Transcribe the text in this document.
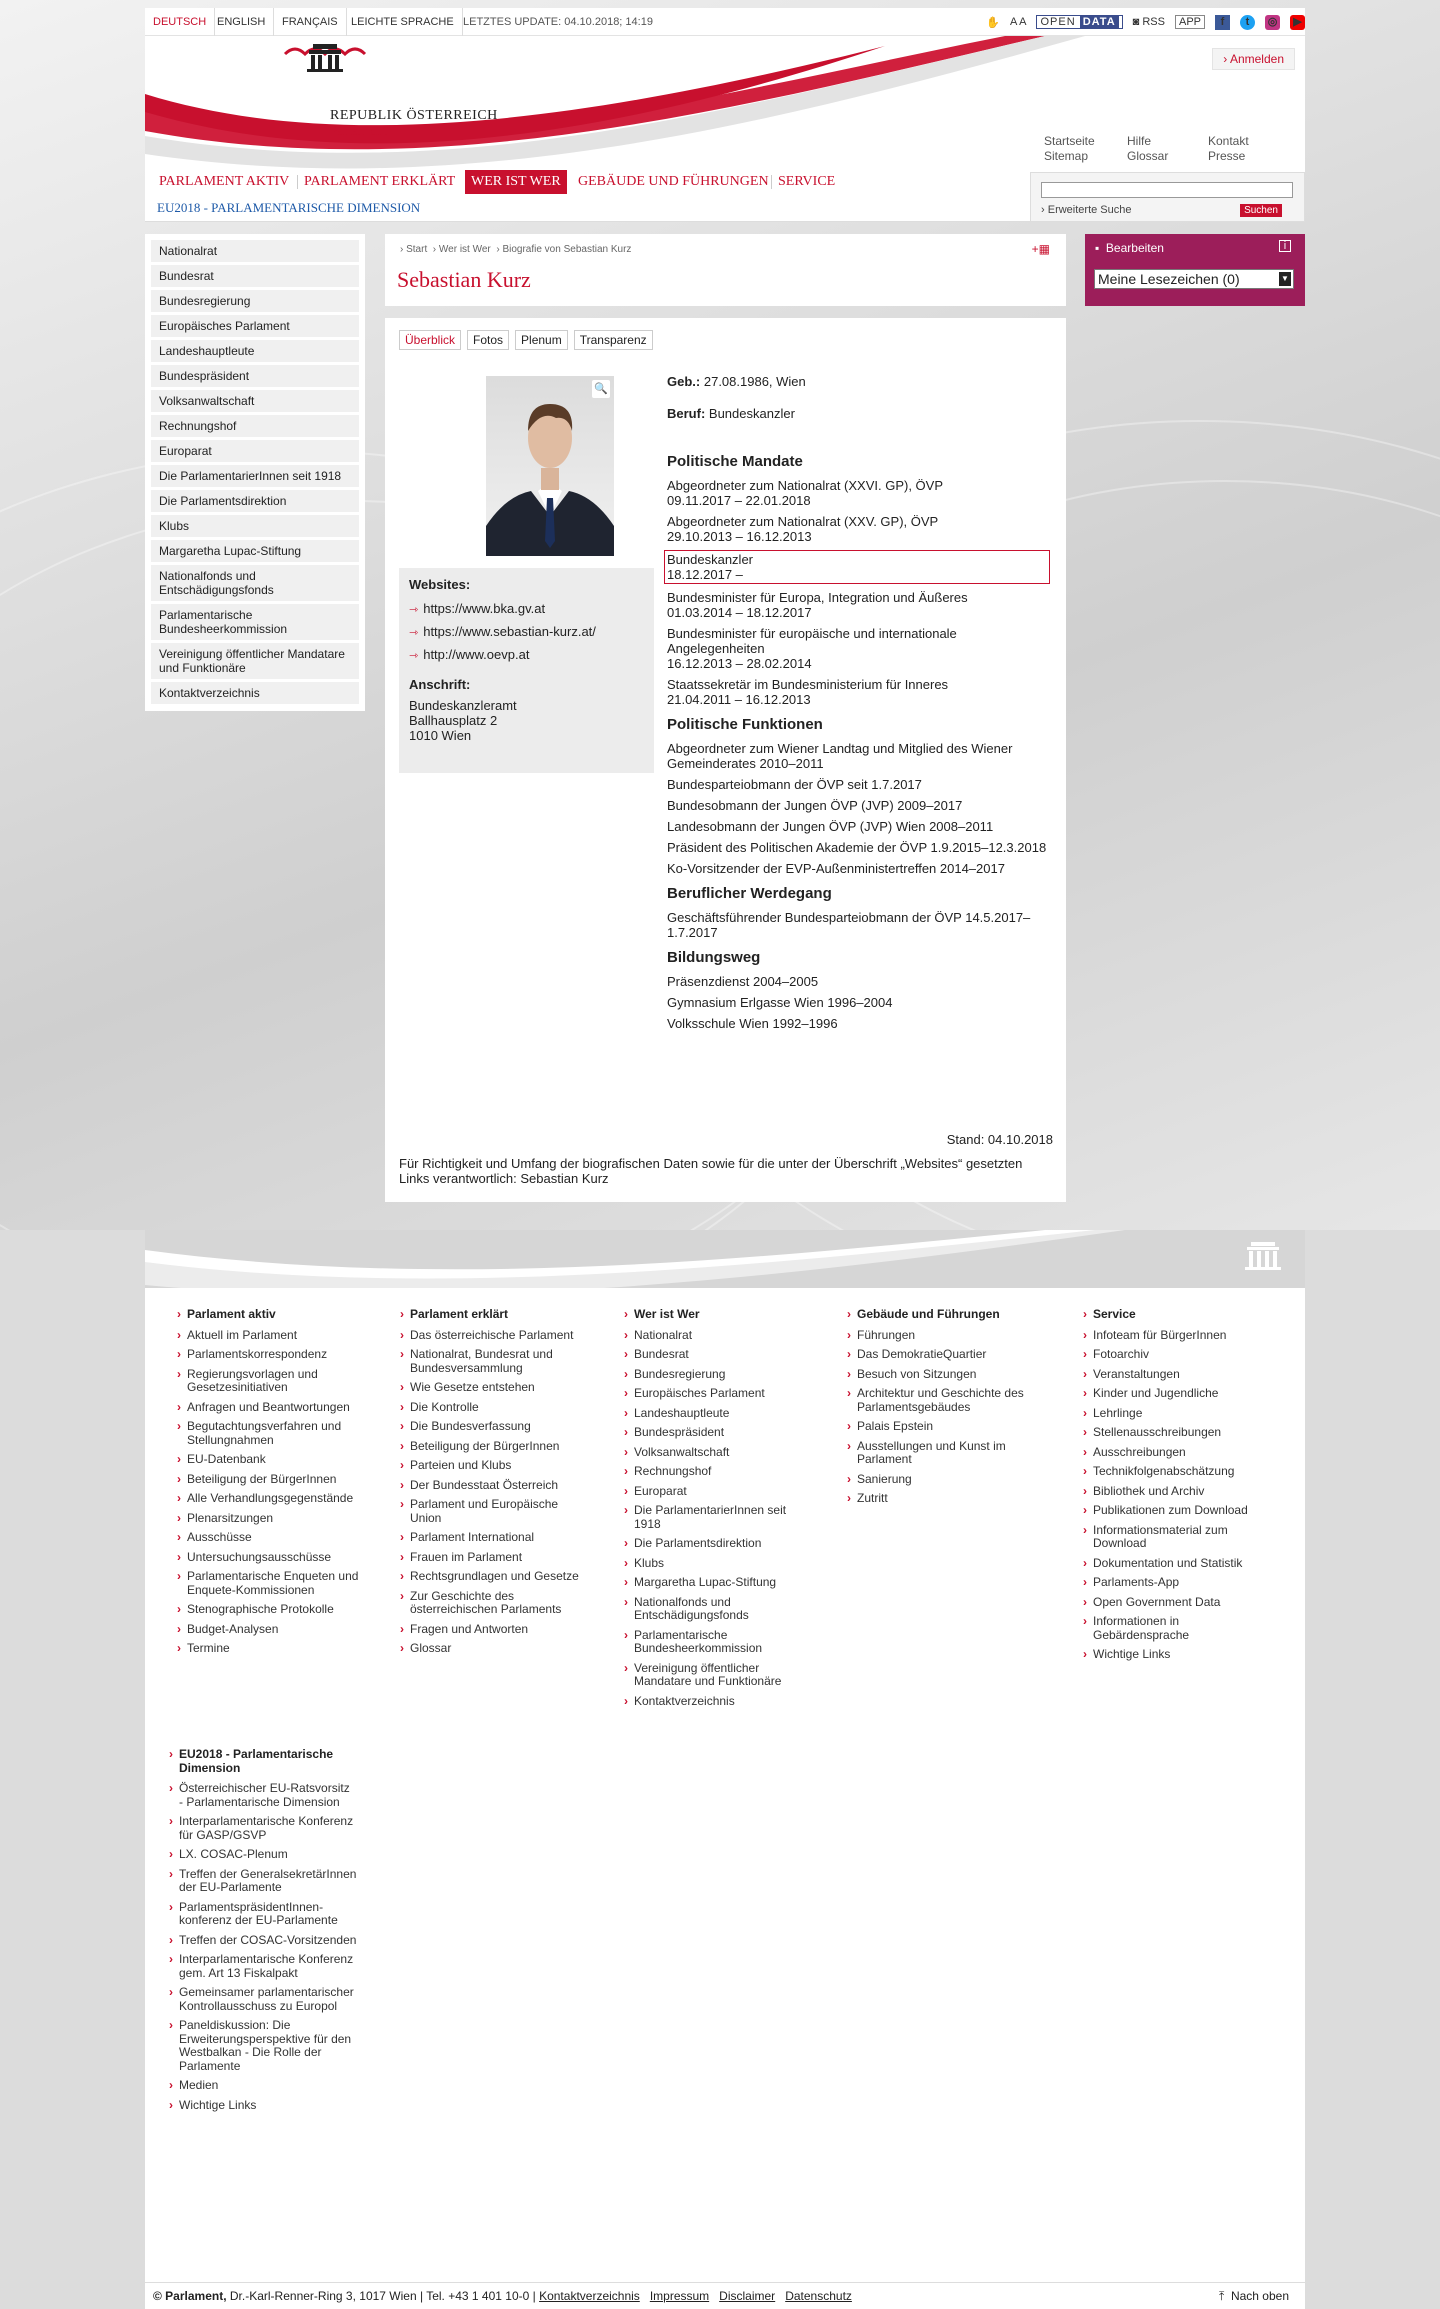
DEUTSCH ENGLISH	FRANÇAIS	LEICHTE SPRACHE LETZTES UPDATE: 04.10.2018; 14:19	✋ A A	OPEN DATA	◙ RSS	APP	f	t	◎ ▶
REPUBLIK ÖSTERREICH
Parlament
› Anmelden
Startseite
Sitemap
Hilfe
Glossar
Kontakt
Presse
PARLAMENT AKTIV	PARLAMENT ERKLÄRT	WER IST WER	GEBÄUDE UND FÜHRUNGEN SERVICE
EU2018 - PARLAMENTARISCHE DIMENSION	› Erweiterte Suche	Suchen
Nationalrat
Bundesrat
Bundesregierung
Europäisches Parlament
Landeshauptleute
Bundespräsident
Volksanwaltschaft
Rechnungshof
Europarat
Die ParlamentarierInnen seit 1918
Die Parlamentsdirektion
Klubs
Margaretha Lupac-Stiftung
Nationalfonds und Entschädigungsfonds
Parlamentarische Bundesheerkommission
Vereinigung öffentlicher Mandatare und Funktionäre
Kontaktverzeichnis
› Start  › Wer ist Wer  › Biografie von Sebastian Kurz
Sebastian Kurz
+▦	▪  Bearbeiten	i
Meine Lesezeichen (0)	▼
Überblick	Fotos	Plenum	Transparenz
🔍
Websites:
⇾ https://www.bka.gv.at
⇾ https://www.sebastian-kurz.at/
⇾ http://www.oevp.at
Anschrift:
Bundeskanzleramt
Ballhausplatz 2
1010 Wien
Geb.: 27.08.1986, Wien
Beruf: Bundeskanzler
Politische Mandate
Abgeordneter zum Nationalrat (XXVI. GP), ÖVP
09.11.2017 – 22.01.2018
Abgeordneter zum Nationalrat (XXV. GP), ÖVP
29.10.2013 – 16.12.2013
Bundeskanzler
18.12.2017 –
Bundesminister für Europa, Integration und Äußeres
01.03.2014 – 18.12.2017
Bundesminister für europäische und internationale Angelegenheiten
16.12.2013 – 28.02.2014
Staatssekretär im Bundesministerium für Inneres
21.04.2011 – 16.12.2013
Politische Funktionen
Abgeordneter zum Wiener Landtag und Mitglied des Wiener Gemeinderates 2010–2011
Bundesparteiobmann der ÖVP seit 1.7.2017
Bundesobmann der Jungen ÖVP (JVP) 2009–2017
Landesobmann der Jungen ÖVP (JVP) Wien 2008–2011
Präsident des Politischen Akademie der ÖVP 1.9.2015–12.3.2018
Ko-Vorsitzender der EVP-Außenministertreffen 2014–2017
Beruflicher Werdegang
Geschäftsführender Bundesparteiobmann der ÖVP 14.5.2017–1.7.2017
Bildungsweg
Präsenzdienst 2004–2005
Gymnasium Erlgasse Wien 1996–2004
Volksschule Wien 1992–1996
Stand: 04.10.2018
Für Richtigkeit und Umfang der biografischen Daten sowie für die unter der Überschrift „Websites“ gesetzten Links verantwortlich: Sebastian Kurz
› Parlament aktiv
› Aktuell im Parlament
› Parlamentskorrespondenz
› Regierungsvorlagen und Gesetzesinitiativen
› Anfragen und Beantwortungen
› Begutachtungsverfahren und Stellungnahmen
› EU-Datenbank
› Beteiligung der BürgerInnen
› Alle Verhandlungsgegenstände
› Plenarsitzungen
› Ausschüsse
› Untersuchungsausschüsse
› Parlamentarische Enqueten und Enquete-Kommissionen
› Stenographische Protokolle
› Budget-Analysen
› Termine
› Parlament erklärt
› Das österreichische Parlament
› Nationalrat, Bundesrat und Bundesversammlung
› Wie Gesetze entstehen
› Die Kontrolle
› Die Bundesverfassung
› Beteiligung der BürgerInnen
› Parteien und Klubs
› Der Bundesstaat Österreich
› Parlament und Europäische Union
› Parlament International
› Frauen im Parlament
› Rechtsgrundlagen und Gesetze
› Zur Geschichte des österreichischen Parlaments
› Fragen und Antworten
› Glossar
› Wer ist Wer
› Nationalrat
› Bundesrat
› Bundesregierung
› Europäisches Parlament
› Landeshauptleute
› Bundespräsident
› Volksanwaltschaft
› Rechnungshof
› Europarat
› Die ParlamentarierInnen seit 1918
› Die Parlamentsdirektion
› Klubs
› Margaretha Lupac-Stiftung
› Nationalfonds und Entschädigungsfonds
› Parlamentarische Bundesheerkommission
› Vereinigung öffentlicher Mandatare und Funktionäre
› Kontaktverzeichnis
› Gebäude und Führungen
› Führungen
› Das DemokratieQuartier
› Besuch von Sitzungen
› Architektur und Geschichte des Parlamentsgebäudes
› Palais Epstein
› Ausstellungen und Kunst im Parlament
› Sanierung
› Zutritt
› Service
› Infoteam für BürgerInnen
› Fotoarchiv
› Veranstaltungen
› Kinder und Jugendliche
› Lehrlinge
› Stellenausschreibungen
› Ausschreibungen
› Technikfolgenabschätzung
› Bibliothek und Archiv
› Publikationen zum Download
› Informationsmaterial zum Download
› Dokumentation und Statistik
› Parlaments-App
› Open Government Data
› Informationen in Gebärdensprache
› Wichtige Links
› EU2018 - Parlamentarische Dimension
› Österreichischer EU-Ratsvorsitz - Parlamentarische Dimension
› Interparlamentarische Konferenz für GASP/GSVP
› LX. COSAC-Plenum
› Treffen der GeneralsekretärInnen der EU-Parlamente
› ParlamentspräsidentInnen-konferenz der EU-Parlamente
› Treffen der COSAC-Vorsitzenden
› Interparlamentarische Konferenz gem. Art 13 Fiskalpakt
› Gemeinsamer parlamentarischer Kontrollausschuss zu Europol
› Paneldiskussion: Die Erweiterungsperspektive für den Westbalkan - Die Rolle der Parlamente
› Medien
› Wichtige Links
© Parlament, Dr.-Karl-Renner-Ring 3, 1017 Wien | Tel. +43 1 401 10-0 | Kontaktverzeichnis Impressum Disclaimer Datenschutz	⤒ Nach oben
